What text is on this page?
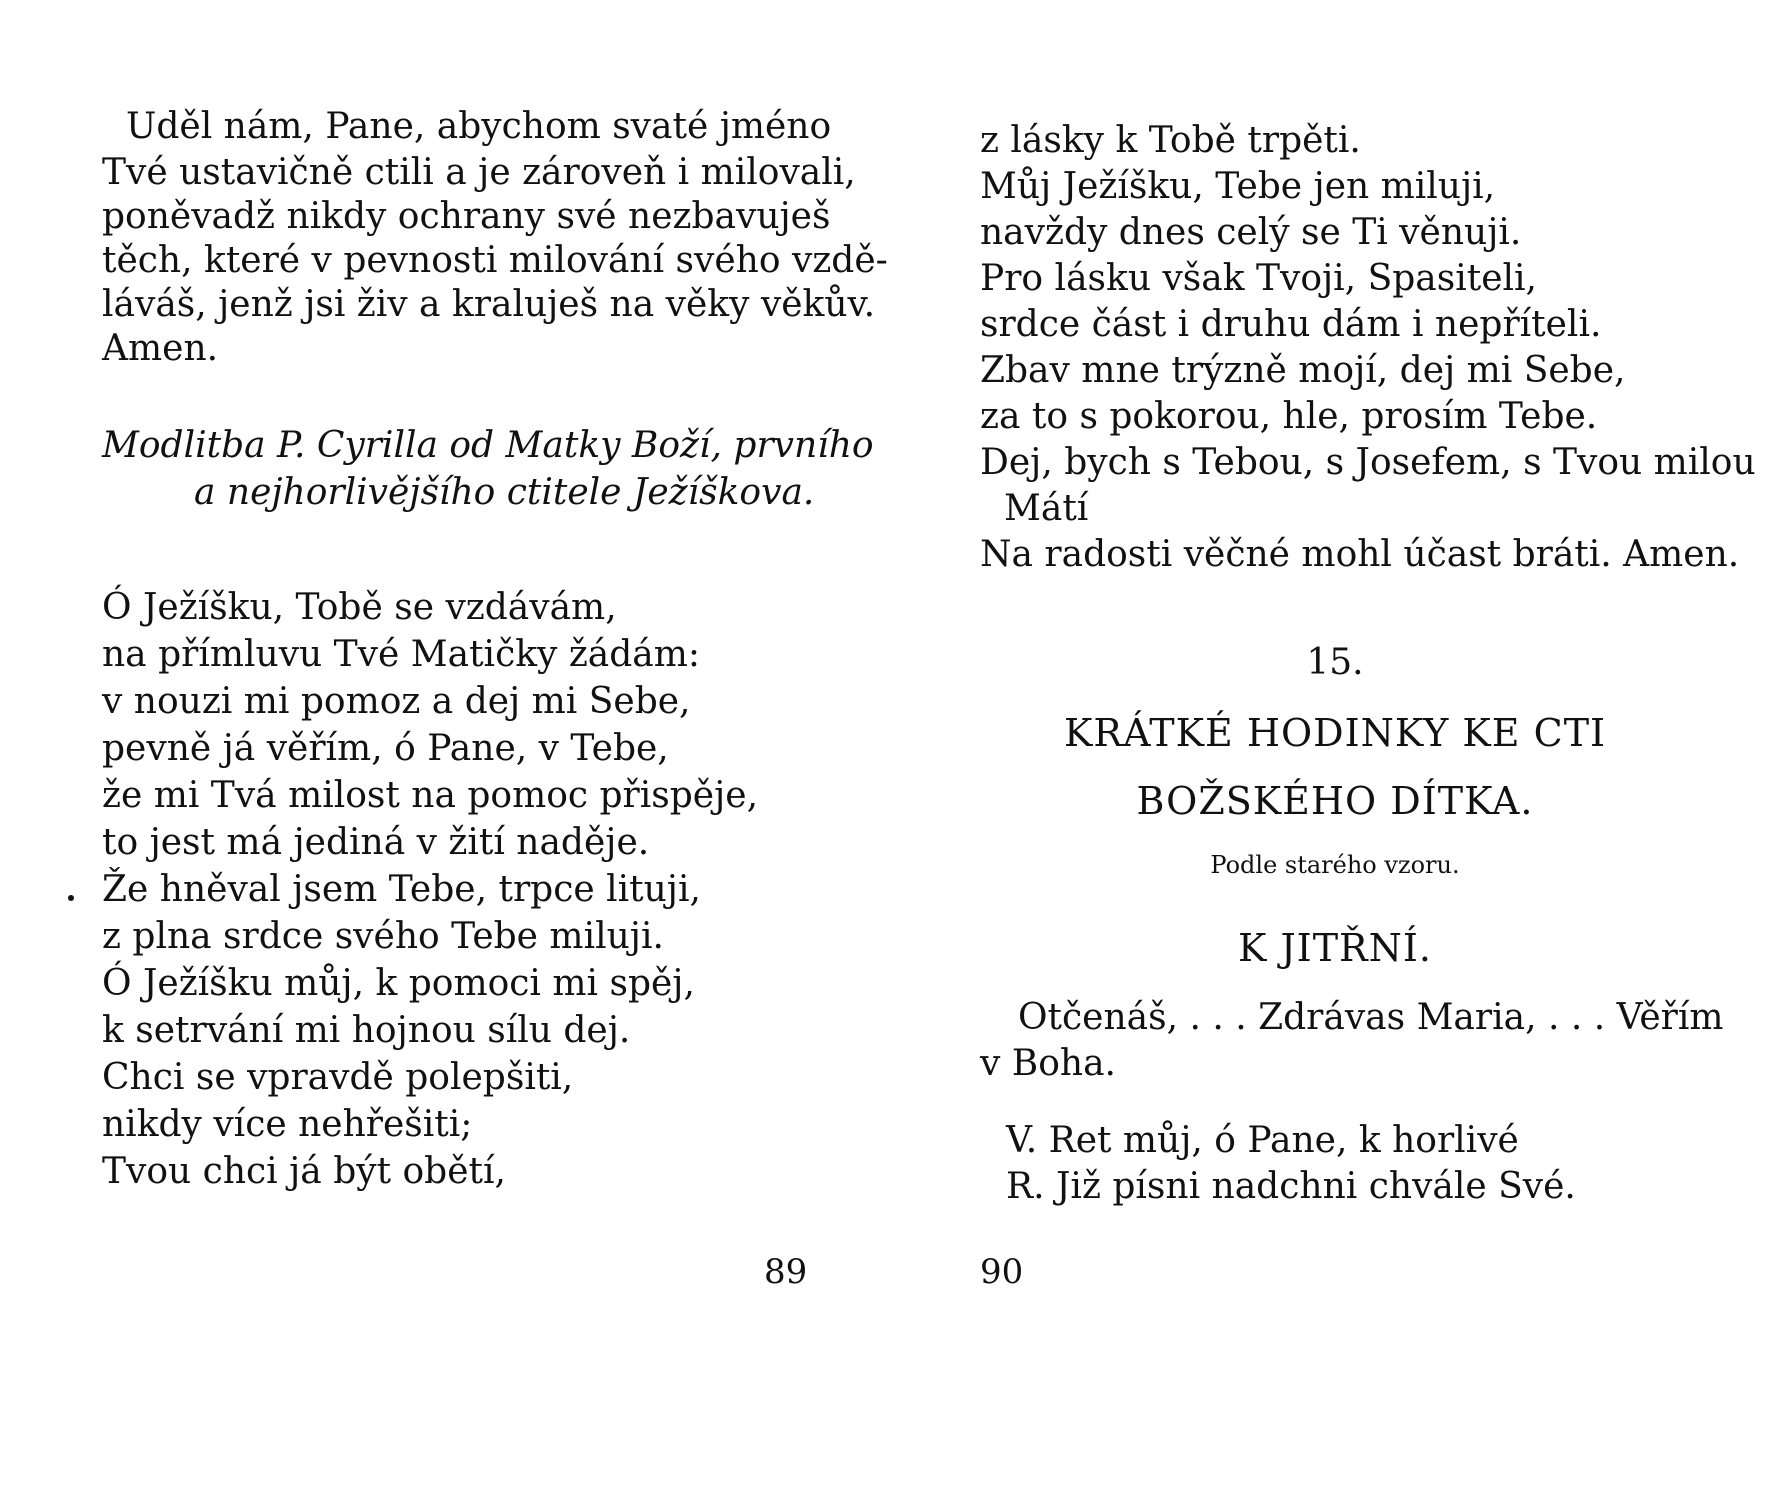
Uděl nám, Pane, abychom svaté jméno
Tvé ustavičně ctili a je zároveň i milovali,
poněvadž nikdy ochrany své nezbavuješ
těch, které v pevnosti milování svého vzdě-
láváš, jenž jsi živ a kraluješ na věky věkův.
Amen.
Modlitba P. Cyrilla od Matky Boží, prvního
a nejhorlivějšího ctitele Ježíškova.
Ó Ježíšku, Tobě se vzdávám,
na přímluvu Tvé Matičky žádám:
v nouzi mi pomoz a dej mi Sebe,
pevně já věřím, ó Pane, v Tebe,
že mi Tvá milost na pomoc přispěje,
to jest má jediná v žití naděje.
Že hněval jsem Tebe, trpce lituji,
z plna srdce svého Tebe miluji.
Ó Ježíšku můj, k pomoci mi spěj,
k setrvání mi hojnou sílu dej.
Chci se vpravdě polepšiti,
nikdy více nehřešiti;
Tvou chci já být obětí,
89
z lásky k Tobě trpěti.
Můj Ježíšku, Tebe jen miluji,
navždy dnes celý se Ti věnuji.
Pro lásku však Tvoji, Spasiteli,
srdce část i druhu dám i nepříteli.
Zbav mne trýzně mojí, dej mi Sebe,
za to s pokorou, hle, prosím Tebe.
Dej, bych s Tebou, s Josefem, s Tvou milou
Mátí
Na radosti věčné mohl účast bráti. Amen.
15.
KRÁTKÉ HODINKY KE CTI
BOŽSKÉHO DÍTKA.
Podle starého vzoru.
K JITŘNÍ.
Otčenáš, . . . Zdrávas Maria, . . . Věřím
v Boha.
V. Ret můj, ó Pane, k horlivé
R. Již písni nadchni chvále Své.
90
